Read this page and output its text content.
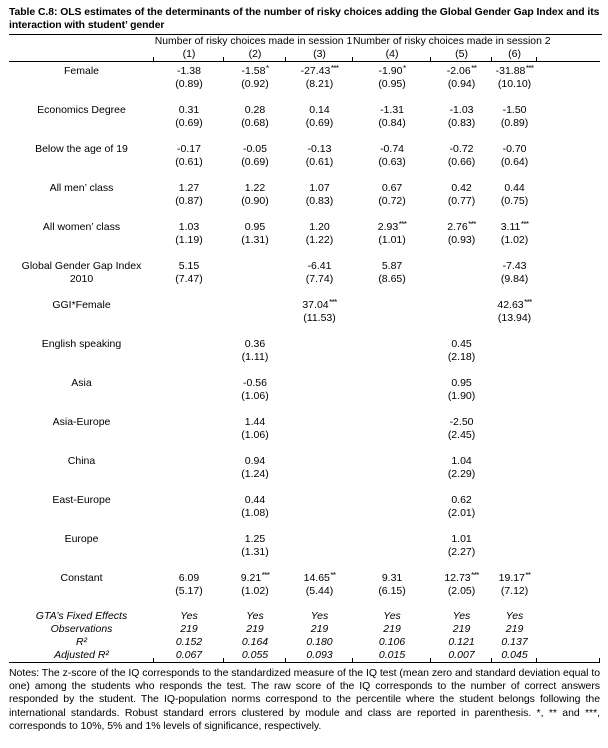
Table C.8: OLS estimates of the determinants of the number of risky choices adding the Global Gender Gap Index and its interaction with student’ gender
	Number of risky choices made in session 1			Number of risky choices made in session 2			
	(1)	(2)	(3)	(4)	(5)	(6)	

Female	-1.38	-1.58*	-27.43***	-1.90*	-2.06**	-31.88***	
	(0.89)	(0.92)	(8.21)	(0.95)	(0.94)	(10.10)	

Economics Degree	0.31	0.28	0.14	-1.31	-1.03	-1.50	
	(0.69)	(0.68)	(0.69)	(0.84)	(0.83)	(0.89)	

Below the age of 19	-0.17	-0.05	-0.13	-0.74	-0.72	-0.70	
	(0.61)	(0.69)	(0.61)	(0.63)	(0.66)	(0.64)	

All men’ class	1.27	1.22	1.07	0.67	0.42	0.44	
	(0.87)	(0.90)	(0.83)	(0.72)	(0.77)	(0.75)	

All women’ class	1.03	0.95	1.20	2.93***	2.76***	3.11***	
	(1.19)	(1.31)	(1.22)	(1.01)	(0.93)	(1.02)	

Global Gender Gap Index
2010	5.15		-6.41	5.87		-7.43	
	(7.47)		(7.74)	(8.65)		(9.84)	

GGI*Female			37.04***			42.63***	
			(11.53)			(13.94)	

English speaking		0.36			0.45		
		(1.11)			(2.18)		

Asia		-0.56			0.95		
		(1.06)			(1.90)		

Asia-Europe		1.44			-2.50		
		(1.06)			(2.45)		

China		0.94			1.04		
		(1.24)			(2.29)		

East-Europe		0.44			0.62		
		(1.08)			(2.01)		

Europe		1.25			1.01		
		(1.31)			(2.27)		

Constant	6.09	9.21***	14.65**	9.31	12.73***	19.17**	
	(5.17)	(1.02)	(5.44)	(6.15)	(2.05)	(7.12)	

GTA’s Fixed Effects	Yes	Yes	Yes	Yes	Yes	Yes	
Observations	219	219	219	219	219	219	
R²	0.152	0.164	0.180	0.106	0.121	0.137	
Adjusted R²	0.067	0.055	0.093	0.015	0.007	0.045	
Notes: The z-score of the IQ corresponds to the standardized measure of the IQ test (mean zero and standard deviation equal to one) among the students who responds the test. The raw score of the IQ corresponds to the number of correct answers responded by the student. The IQ-population norms correspond to the percentile where the student belongs following the international standards. Robust standard errors clustered by module and class are reported in parenthesis. *, ** and ***, corresponds to 10%, 5% and 1% levels of significance, respectively.
